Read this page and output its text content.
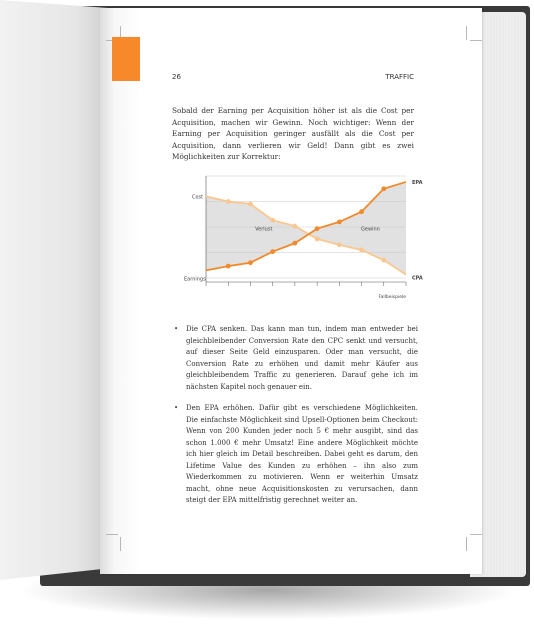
26	TRAFFIC

Sobald der Earning per Acquisition höher ist als die Cost per Acquisition, machen wir Gewinn. Noch wichtiger: Wenn der Earning per Acquisition geringer ausfällt als die Cost per Acquisition, dann verlieren wir Geld! Dann gibt es zwei Möglichkeiten zur Korrektur:

Cost
Earnings
EPA
CPA
Verlust	Gewinn
Fallbeispiele
• Die CPA senken. Das kann man tun, indem man entweder bei gleichbleibender Conversion Rate den CPC senkt und versucht, auf dieser Seite Geld einzusparen. Oder man versucht, die Conversion Rate zu erhöhen und damit mehr Käufer aus gleichbleibendem Traffic zu generieren. Darauf gehe ich im nächsten Kapitel noch genauer ein.
• Den EPA erhöhen. Dafür gibt es verschiedene Möglichkeiten. Die einfachste Möglichkeit sind Upsell-Optionen beim Checkout: Wenn von 200 Kunden jeder noch 5 € mehr ausgibt, sind das schon 1.000 € mehr Umsatz! Eine andere Möglichkeit möchte ich hier gleich im Detail beschreiben. Dabei geht es darum, den Lifetime Value des Kunden zu erhöhen – ihn also zum Wiederkommen zu motivieren. Wenn er weiterhin Umsatz macht, ohne neue Acquisitionskosten zu verursachen, dann steigt der EPA mittelfristig gerechnet weiter an.
